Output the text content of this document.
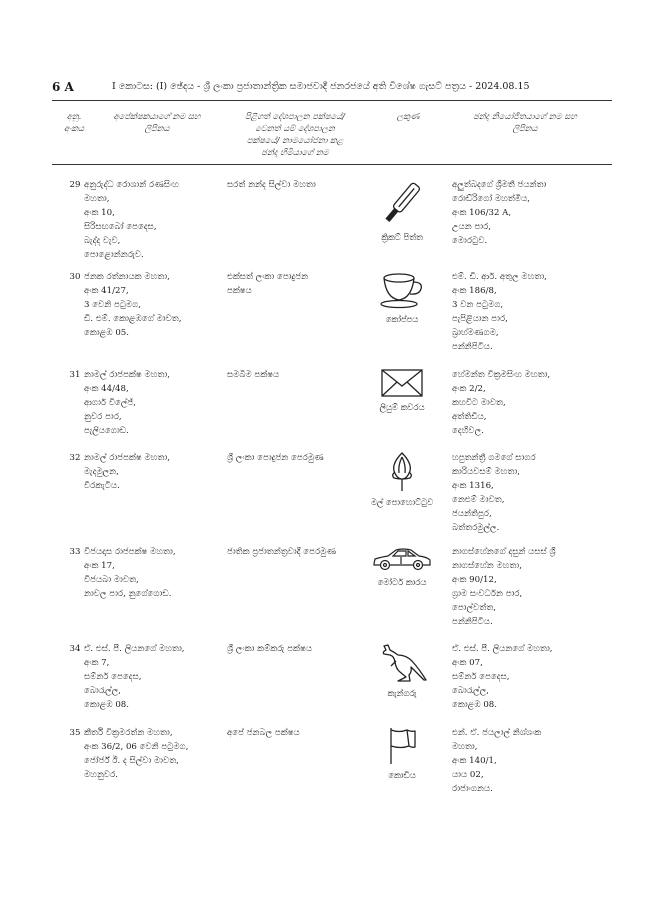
6 A	I කොටස: (I) ඡේදය - ශ්‍රී ලංකා ප්‍රජාතාන්ත්‍රික සමාජවාදී ජනරජයේ අති විශේෂ ගැසට් පත්‍රය - 2024.08.15
අනු.
අංකය
අපේක්ෂකයාගේ නම සහ
ලිපිනය
පිළිගත් දේශපාලන පක්ෂයේ/
වෙනත් යම් දේශපාලන
පක්ෂයේ/ නාමයෝජනා කළ
ඡන්ද හිමියාගේ නම
ලකුණ	ඡන්ද නියෝජිතයාගේ නම සහ
ලිපිනය
29 අනුරුද්ධ රොශාන් රණසිංහ
මහතා,
අංක 10,
සිරිසඟබෝ පෙදෙස,
බැද්ද වැව,
පොළොන්නරුව.
සරත් නන්ද සිල්වා මහතා
ක්‍රිකට් පිත්ත
අලුත්බදගේ ශ්‍රීමතී ජයන්තා
රොඩ්රිගෝ මහත්මිය,
අංක 106/32 A,
උයන පාර,
මොරටුව.
30 ජනක රත්නායක මහතා,
අංක 41/27,
3 වෙනි පටුමග,
ඩී. එම්. කොළඹගේ මාවත,
කොළඹ 05.
එක්සත් ලංකා පොදුජන
පක්ෂය
කෝප්පය
එම්. ඩී. ආර්. අතුල මහතා,
අංක 186/8,
3 වන පටුමග,
පැපිළියාන පාර,
බ්‍රාහ්මණගම,
පන්නිපිටිය.
31 නාමල් රාජපක්ෂ මහතා,
අංක 44/48,
ආගාර් විලේජ්,
නුවර පාර,
පැලියගොඩ.
සමබිම පක්ෂය
ලියුම් කවරය
හේමන්ත වික්‍රමසිංහ මහතා,
අංක 2/2,
කහවිට මාවත,
අත්තිඩිය,
දෙහිවල.
32 නාමල් රාජපක්ෂ මහතා,
මැදමුලන,
වීරකැටිය.
ශ්‍රී ලංකා පොදුජන පෙරමුණ
මල් පොහොට්ටුව
හපුතන්ත්‍රී ගමගේ සාගර
කාරියවසම් මහතා,
අංක 1316,
නෙළුම් මාවත,
ජයන්තිපුර,
බත්තරමුල්ල.
33 විජයදාස රාජපක්ෂ මහතා,
අංක 17,
විජයබා මාවත,
නාවල පාර, නුගේගොඩ.
ජාතික ප්‍රජාතන්ත්‍රවාදී පෙරමුණ
මෝටර් කාරය
නාගස්හේනගේ දසුන් යසස් ශ්‍රී
නාගස්හේන මහතා,
අංක 90/12,
ග්‍රාම සංවර්ධන පාර,
පොල්වත්ත,
පන්නිපිටිය.
34 ඒ. එස්. පී. ලියනගේ මහතා,
අංක 7,
සම්නර් පෙදෙස,
බොරැල්ල,
කොළඹ 08.
ශ්‍රී ලංකා කම්කරු පක්ෂය
කැන්ගරු
ඒ. එස්. පී. ලියනගේ මහතා,
අංක 07,
සම්නර් පෙදෙස,
බොරැල්ල,
කොළඹ 08.
35 කීර්ති වික්‍රමරත්න මහතා,
අංක 36/2, 06 වෙනි පටුමග,
ජෝර්ජ් ඊ. ද සිල්වා මාවත,
මහනුවර.
අපේ ජනබල පක්ෂය
කොඩිය
එන්. ඒ. ජයලාල් නිශ්ශංක
මහතා,
අංක 140/1,
යාය 02,
රාජාංගනය.
